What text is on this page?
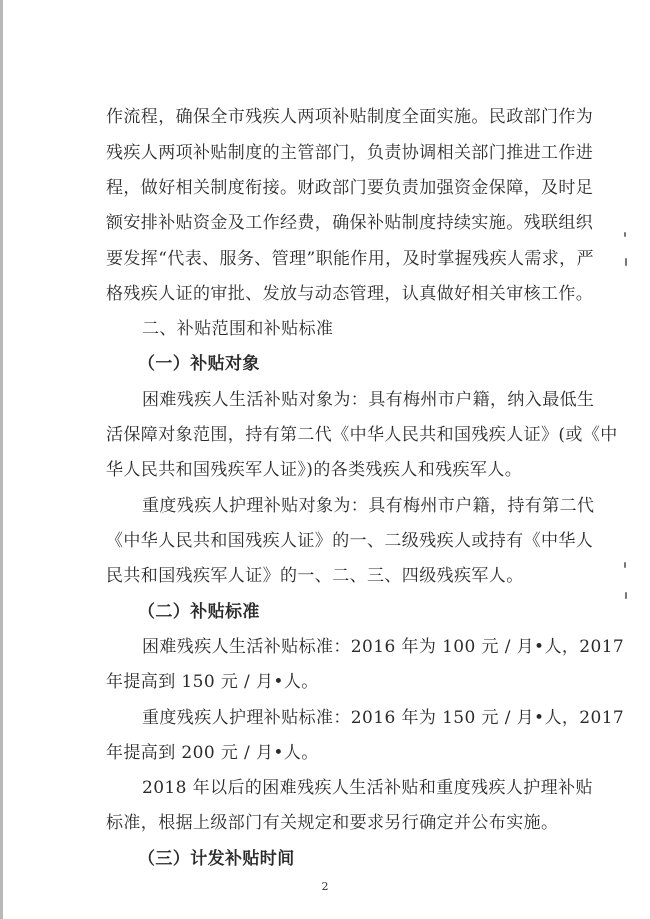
作流程，确保全市残疾人两项补贴制度全面实施。民政部门作为
残疾人两项补贴制度的主管部门，负责协调相关部门推进工作进
程，做好相关制度衔接。财政部门要负责加强资金保障，及时足
额安排补贴资金及工作经费，确保补贴制度持续实施。残联组织
要发挥“代表、服务、管理”职能作用，及时掌握残疾人需求，严
格残疾人证的审批、发放与动态管理，认真做好相关审核工作。
二、补贴范围和补贴标准
（一）补贴对象
困难残疾人生活补贴对象为：具有梅州市户籍，纳入最低生
活保障对象范围，持有第二代《中华人民共和国残疾人证》(或《中
华人民共和国残疾军人证》)的各类残疾人和残疾军人。
重度残疾人护理补贴对象为：具有梅州市户籍，持有第二代
《中华人民共和国残疾人证》的一、二级残疾人或持有《中华人
民共和国残疾军人证》的一、二、三、四级残疾军人。
（二）补贴标准
困难残疾人生活补贴标准：2016 年为 100 元 / 月•人，2017
年提高到 150 元 / 月•人。
重度残疾人护理补贴标准：2016 年为 150 元 / 月•人，2017
年提高到 200 元 / 月•人。
2018 年以后的困难残疾人生活补贴和重度残疾人护理补贴
标准，根据上级部门有关规定和要求另行确定并公布实施。
（三）计发补贴时间
2
